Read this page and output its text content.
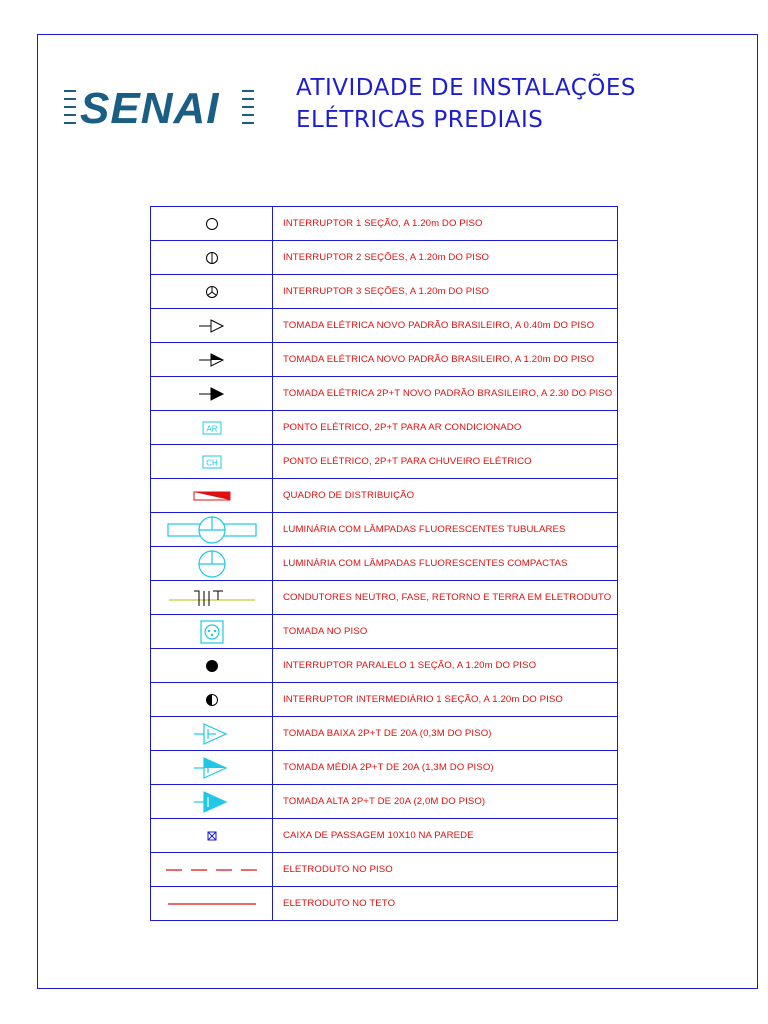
SENAI	ATIVIDADE DE INSTALAÇÕES
ELÉTRICAS PREDIAIS
	INTERRUPTOR 1 SEÇÃO, A 1.20m DO PISO

	INTERRUPTOR 2 SEÇÕES, A 1.20m DO PISO

	INTERRUPTOR 3 SEÇÕES, A 1.20m DO PISO

	TOMADA ELÉTRICA NOVO PADRÃO BRASILEIRO, A 0.40m DO PISO

	TOMADA ELÉTRICA NOVO PADRÃO BRASILEIRO, A 1.20m DO PISO

	TOMADA ELÉTRICA 2P+T NOVO PADRÃO BRASILEIRO, A 2.30 DO PISO

AR	PONTO ELÉTRICO, 2P+T PARA AR CONDICIONADO

CH	PONTO ELÉTRICO, 2P+T PARA CHUVEIRO ELÉTRICO

	QUADRO DE DISTRIBUIÇÃO

	LUMINÁRIA COM LÂMPADAS FLUORESCENTES TUBULARES

	LUMINÁRIA COM LÂMPADAS FLUORESCENTES COMPACTAS

	CONDUTORES NEUTRO, FASE, RETORNO E TERRA EM ELETRODUTO

	TOMADA NO PISO

	INTERRUPTOR PARALELO 1 SEÇÃO, A 1.20m DO PISO

	INTERRUPTOR INTERMEDIÁRIO 1 SEÇÃO, A 1.20m DO PISO

	TOMADA BAIXA 2P+T DE 20A (0,3M DO PISO)

	TOMADA MÉDIA 2P+T DE 20A (1,3M DO PISO)

	TOMADA ALTA 2P+T DE 20A (2,0M DO PISO)

	CAIXA DE PASSAGEM 10X10 NA PAREDE

	ELETRODUTO NO PISO

	ELETRODUTO NO TETO
